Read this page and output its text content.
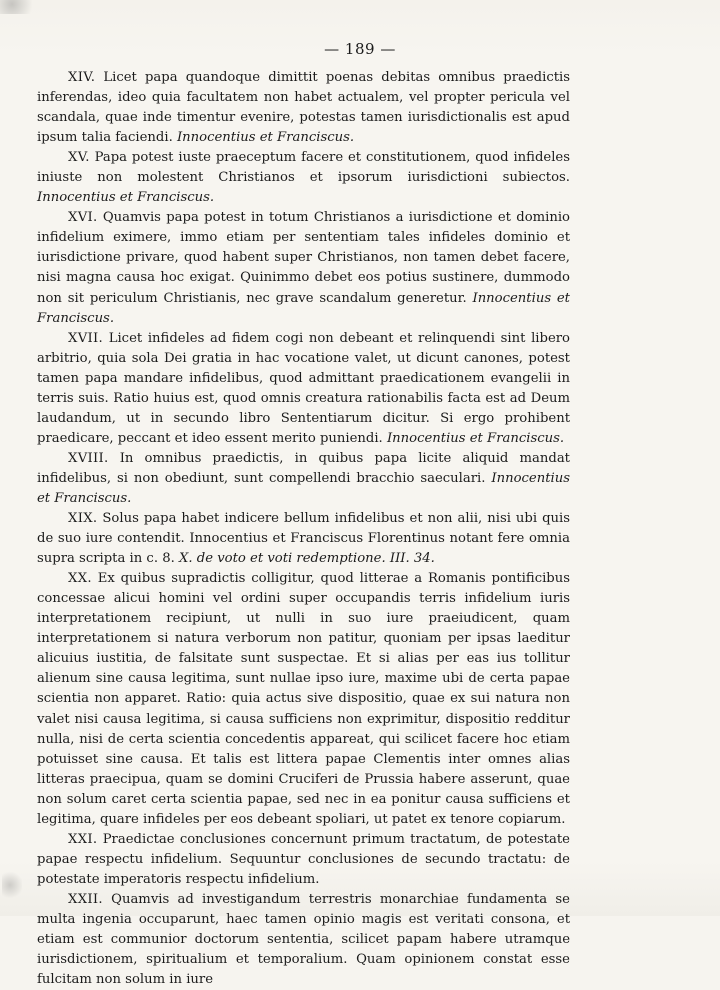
— 189 —

XIV. Licet papa quandoque dimittit poenas debitas omnibus praedictis inferendas, ideo quia facultatem non habet actualem, vel propter pericula vel scandala, quae inde timentur evenire, potestas tamen iurisdictionalis est apud ipsum talia faciendi. Innocentius et Franciscus.

XV. Papa potest iuste praeceptum facere et constitutionem, quod infideles iniuste non molestent Christianos et ipsorum iurisdictioni subiectos. Innocentius et Franciscus.

XVI. Quamvis papa potest in totum Christianos a iurisdictione et dominio infidelium eximere, immo etiam per sententiam tales infideles dominio et iurisdictione privare, quod habent super Christianos, non tamen debet facere, nisi magna causa hoc exigat. Quinimmo debet eos potius sustinere, dummodo non sit periculum Christianis, nec grave scandalum generetur. Innocentius et Franciscus.

XVII. Licet infideles ad fidem cogi non debeant et relinquendi sint libero arbitrio, quia sola Dei gratia in hac vocatione valet, ut dicunt canones, potest tamen papa mandare infidelibus, quod admittant praedicationem evangelii in terris suis. Ratio huius est, quod omnis creatura rationabilis facta est ad Deum laudandum, ut in secundo libro Sententiarum dicitur. Si ergo prohibent praedicare, peccant et ideo essent merito puniendi. Innocentius et Franciscus.

XVIII. In omnibus praedictis, in quibus papa licite aliquid mandat infidelibus, si non obediunt, sunt compellendi bracchio saeculari. Innocentius et Franciscus.

XIX. Solus papa habet indicere bellum infidelibus et non alii, nisi ubi quis de suo iure contendit. Innocentius et Franciscus Florentinus notant fere omnia supra scripta in c. 8. X. de voto et voti redemptione. III. 34.

XX. Ex quibus supradictis colligitur, quod litterae a Romanis pontificibus concessae alicui homini vel ordini super occupandis terris infidelium iuris interpretationem recipiunt, ut nulli in suo iure praeiudicent, quam interpretationem si natura verborum non patitur, quoniam per ipsas laeditur alicuius iustitia, de falsitate sunt suspectae. Et si alias per eas ius tollitur alienum sine causa legitima, sunt nullae ipso iure, maxime ubi de certa papae scientia non apparet. Ratio: quia actus sive dispositio, quae ex sui natura non valet nisi causa legitima, si causa sufficiens non exprimitur, dispositio redditur nulla, nisi de certa scientia concedentis appareat, qui scilicet facere hoc etiam potuisset sine causa. Et talis est littera papae Clementis inter omnes alias litteras praecipua, quam se domini Cruciferi de Prussia habere asserunt, quae non solum caret certa scientia papae, sed nec in ea ponitur causa sufficiens et legitima, quare infideles per eos debeant spoliari, ut patet ex tenore copiarum.

XXI. Praedictae conclusiones concernunt primum tractatum, de potestate papae respectu infidelium. Sequuntur conclusiones de secundo tractatu: de potestate imperatoris respectu infidelium.

XXII. Quamvis ad investigandum terrestris monarchiae fundamenta se multa ingenia occuparunt, haec tamen opinio magis est veritati consona, et etiam est communior doctorum sententia, scilicet papam habere utramque iurisdictionem, spiritualium et temporalium. Quam opinionem constat esse fulcitam non solum in iure
